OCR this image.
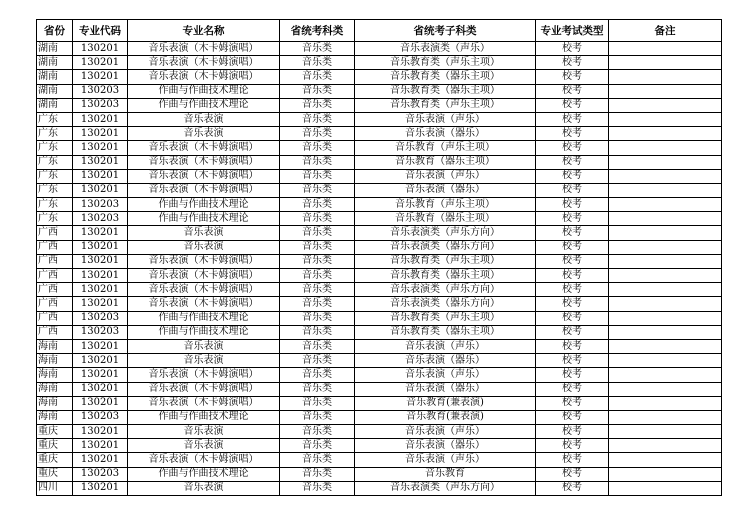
省份	专业代码	专业名称	省统考科类	省统考子科类	专业考试类型	备注
湖南	130201	音乐表演（木卡姆演唱）	音乐类	音乐表演类（声乐）	校考	
湖南	130201	音乐表演（木卡姆演唱）	音乐类	音乐教育类（声乐主项）	校考	
湖南	130201	音乐表演（木卡姆演唱）	音乐类	音乐教育类（器乐主项）	校考	
湖南	130203	作曲与作曲技术理论	音乐类	音乐教育类（器乐主项）	校考	
湖南	130203	作曲与作曲技术理论	音乐类	音乐教育类（声乐主项）	校考	
广东	130201	音乐表演	音乐类	音乐表演（声乐）	校考	
广东	130201	音乐表演	音乐类	音乐表演（器乐）	校考	
广东	130201	音乐表演（木卡姆演唱）	音乐类	音乐教育（声乐主项）	校考	
广东	130201	音乐表演（木卡姆演唱）	音乐类	音乐教育（器乐主项）	校考	
广东	130201	音乐表演（木卡姆演唱）	音乐类	音乐表演（声乐）	校考	
广东	130201	音乐表演（木卡姆演唱）	音乐类	音乐表演（器乐）	校考	
广东	130203	作曲与作曲技术理论	音乐类	音乐教育（声乐主项）	校考	
广东	130203	作曲与作曲技术理论	音乐类	音乐教育（器乐主项）	校考	
广西	130201	音乐表演	音乐类	音乐表演类（声乐方向）	校考	
广西	130201	音乐表演	音乐类	音乐表演类（器乐方向）	校考	
广西	130201	音乐表演（木卡姆演唱）	音乐类	音乐教育类（声乐主项）	校考	
广西	130201	音乐表演（木卡姆演唱）	音乐类	音乐教育类（器乐主项）	校考	
广西	130201	音乐表演（木卡姆演唱）	音乐类	音乐表演类（声乐方向）	校考	
广西	130201	音乐表演（木卡姆演唱）	音乐类	音乐表演类（器乐方向）	校考	
广西	130203	作曲与作曲技术理论	音乐类	音乐教育类（声乐主项）	校考	
广西	130203	作曲与作曲技术理论	音乐类	音乐教育类（器乐主项）	校考	
海南	130201	音乐表演	音乐类	音乐表演（声乐）	校考	
海南	130201	音乐表演	音乐类	音乐表演（器乐）	校考	
海南	130201	音乐表演（木卡姆演唱）	音乐类	音乐表演（声乐）	校考	
海南	130201	音乐表演（木卡姆演唱）	音乐类	音乐表演（器乐）	校考	
海南	130201	音乐表演（木卡姆演唱）	音乐类	音乐教育(兼表演)	校考	
海南	130203	作曲与作曲技术理论	音乐类	音乐教育(兼表演)	校考	
重庆	130201	音乐表演	音乐类	音乐表演（声乐）	校考	
重庆	130201	音乐表演	音乐类	音乐表演（器乐）	校考	
重庆	130201	音乐表演（木卡姆演唱）	音乐类	音乐表演（声乐）	校考	
重庆	130203	作曲与作曲技术理论	音乐类	音乐教育	校考	
四川	130201	音乐表演	音乐类	音乐表演类（声乐方向）	校考	
